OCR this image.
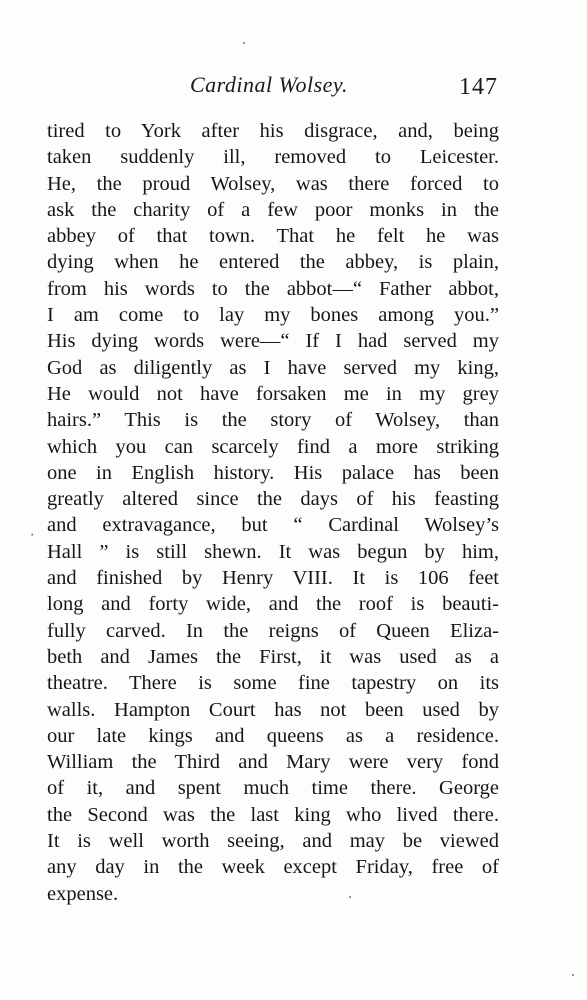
Cardinal Wolsey.	147
tired to York after his disgrace, and, being
taken suddenly ill, removed to Leicester.
He, the proud Wolsey, was there forced to
ask the charity of a few poor monks in the
abbey of that town. That he felt he was
dying when he entered the abbey, is plain,
from his words to the abbot—“ Father abbot,
I am come to lay my bones among you.”
His dying words were—“ If I had served my
God as diligently as I have served my king,
He would not have forsaken me in my grey
hairs.” This is the story of Wolsey, than
which you can scarcely find a more striking
one in English history. His palace has been
greatly altered since the days of his feasting
and extravagance, but “ Cardinal Wolsey’s
Hall ” is still shewn. It was begun by him,
and finished by Henry VIII. It is 106 feet
long and forty wide, and the roof is beauti-
fully carved. In the reigns of Queen Eliza-
beth and James the First, it was used as a
theatre. There is some fine tapestry on its
walls. Hampton Court has not been used by
our late kings and queens as a residence.
William the Third and Mary were very fond
of it, and spent much time there. George
the Second was the last king who lived there.
It is well worth seeing, and may be viewed
any day in the week except Friday, free of
expense.
